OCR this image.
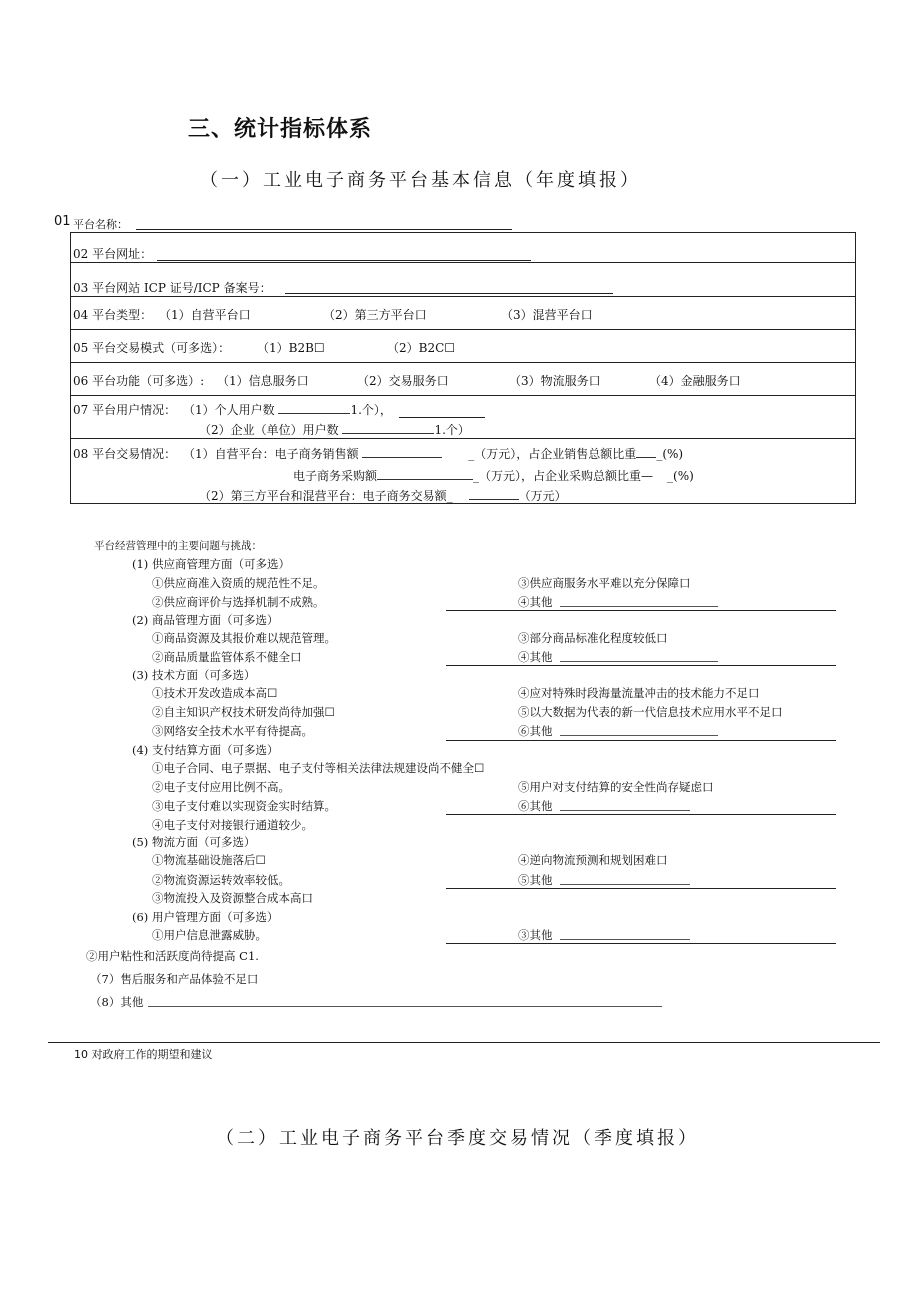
三、统计指标体系
（一）工业电子商务平台基本信息（年度填报）
01 平台名称：
02 平台网址：
03 平台网站 ICP 证号/ICP 备案号：
04 平台类型： （1）自营平台口	（2）第三方平台口	（3）混营平台口
05 平台交易模式（可多选）： （1）B2B☐	（2）B2C☐
06 平台功能（可多选）: （1）信息服务口	（2）交易服务口	（3）物流服务口	（4）金融服务口
07 平台用户情况： （1）个人用户数	1.个），
（2）企业（单位）用户数	1.个）
08 平台交易情况： （1）自营平台：电子商务销售额	_（万元），占企业销售总额比重 _(%)
电子商务采购额	_（万元），占企业采购总额比重— _(%)
（2）第三方平台和混营平台：电子商务交易额_	（万元）
平台经营管理中的主要问题与挑战：
(1) 供应商管理方面（可多选）
①供应商准入资质的规范性不足。	③供应商服务水平难以充分保障口
②供应商评价与选择机制不成熟。	④其他
(2) 商品管理方面（可多选）
①商品资源及其报价难以规范管理。	③部分商品标准化程度较低口
②商品质量监管体系不健全口	④其他
(3) 技术方面（可多选）
①技术开发改造成本高☐	④应对特殊时段海量流量冲击的技术能力不足口
②自主知识产权技术研发尚待加强☐	⑤以大数据为代表的新一代信息技术应用水平不足口
③网络安全技术水平有待提高。	⑥其他
(4) 支付结算方面（可多选）
①电子合同、电子票据、电子支付等相关法律法规建设尚不健全☐
②电子支付应用比例不高。	⑤用户对支付结算的安全性尚存疑虑口
③电子支付难以实现资金实时结算。	⑥其他
④电子支付对接银行通道较少。
(5) 物流方面（可多选）
①物流基础设施落后☐	④逆向物流预测和规划困难口
②物流资源运转效率较低。	⑤其他
③物流投入及资源整合成本高口
(6) 用户管理方面（可多选）
①用户信息泄露威胁。	③其他
②用户粘性和活跃度尚待提高 C1.
（7）售后服务和产品体验不足口
（8）其他
10 对政府工作的期望和建议
（二）工业电子商务平台季度交易情况（季度填报）
